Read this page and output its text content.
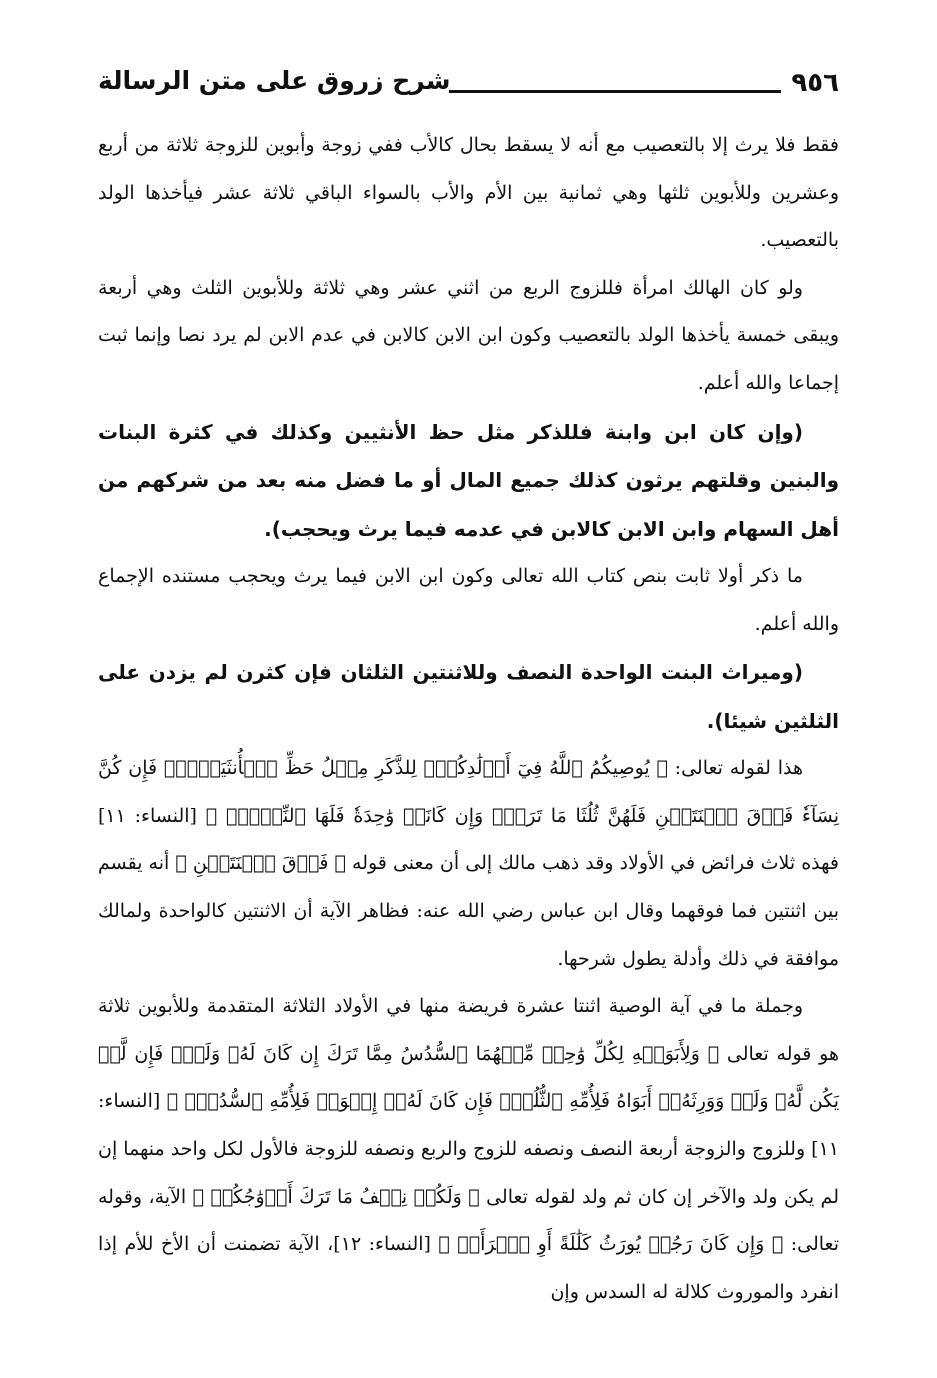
٩٥٦
شرح زروق على متن الرسالة

فقط فلا يرث إلا بالتعصيب مع أنه لا يسقط بحال كالأب ففي زوجة وأبوين للزوجة ثلاثة من أربع وعشرين وللأبوين ثلثها وهي ثمانية بين الأم والأب بالسواء الباقي ثلاثة عشر فيأخذها الولد بالتعصيب.

ولو كان الهالك امرأة فللزوج الربع من اثني عشر وهي ثلاثة وللأبوين الثلث وهي أربعة ويبقى خمسة يأخذها الولد بالتعصيب وكون ابن الابن كالابن في عدم الابن لم يرد نصا وإنما ثبت إجماعا والله أعلم.

(وإن كان ابن وابنة فللذكر مثل حظ الأنثيين وكذلك في كثرة البنات والبنين وقلتهم يرثون كذلك جميع المال أو ما فضل منه بعد من شركهم من أهل السهام وابن الابن كالابن في عدمه فيما يرث ويحجب).

ما ذكر أولا ثابت بنص كتاب الله تعالى وكون ابن الابن فيما يرث ويحجب مستنده الإجماع والله أعلم.

(وميراث البنت الواحدة النصف وللاثنتين الثلثان فإن كثرن لم يزدن على الثلثين شيئا).

هذا لقوله تعالى: ﴿ يُوصِيكُمُ ٱللَّهُ فِيٓ أَوۡلَٰدِكُمۡۖ لِلذَّكَرِ مِثۡلُ حَظِّ ٱلۡأُنثَيَيۡنِۚ فَإِن كُنَّ نِسَآءٗ فَوۡقَ ٱثۡنَتَيۡنِ فَلَهُنَّ ثُلُثَا مَا تَرَكَۖ وَإِن كَانَتۡ وَٰحِدَةٗ فَلَهَا ٱلنِّصۡفُۚ ﴾ [النساء: ١١] فهذه ثلاث فرائض في الأولاد وقد ذهب مالك إلى أن معنى قوله ﴿ فَوۡقَ ٱثۡنَتَيۡنِ ﴾ أنه يقسم بين اثنتين فما فوقهما وقال ابن عباس رضي الله عنه: فظاهر الآية أن الاثنتين كالواحدة ولمالك موافقة في ذلك وأدلة يطول شرحها.

وجملة ما في آية الوصية اثنتا عشرة فريضة منها في الأولاد الثلاثة المتقدمة وللأبوين ثلاثة هو قوله تعالى ﴿ وَلِأَبَوَيۡهِ لِكُلِّ وَٰحِدٖ مِّنۡهُمَا ٱلسُّدُسُ مِمَّا تَرَكَ إِن كَانَ لَهُۥ وَلَدٞۚ فَإِن لَّمۡ يَكُن لَّهُۥ وَلَدٞ وَوَرِثَهُۥٓ أَبَوَاهُ فَلِأُمِّهِ ٱلثُّلُثُۚ فَإِن كَانَ لَهُۥٓ إِخۡوَةٞ فَلِأُمِّهِ ٱلسُّدُسُۚ ﴾ [النساء: ١١] وللزوج والزوجة أربعة النصف ونصفه للزوج والربع ونصفه للزوجة فالأول لكل واحد منهما إن لم يكن ولد والآخر إن كان ثم ولد لقوله تعالى ﴿ وَلَكُمۡ نِصۡفُ مَا تَرَكَ أَزۡوَٰجُكُمۡ ﴾ الآية، وقوله تعالى: ﴿ وَإِن كَانَ رَجُلٞ يُورَثُ كَلَٰلَةً أَوِ ٱمۡرَأَةٞ ﴾ [النساء: ١٢]، الآية تضمنت أن الأخ للأم إذا انفرد والموروث كلالة له السدس وإن
